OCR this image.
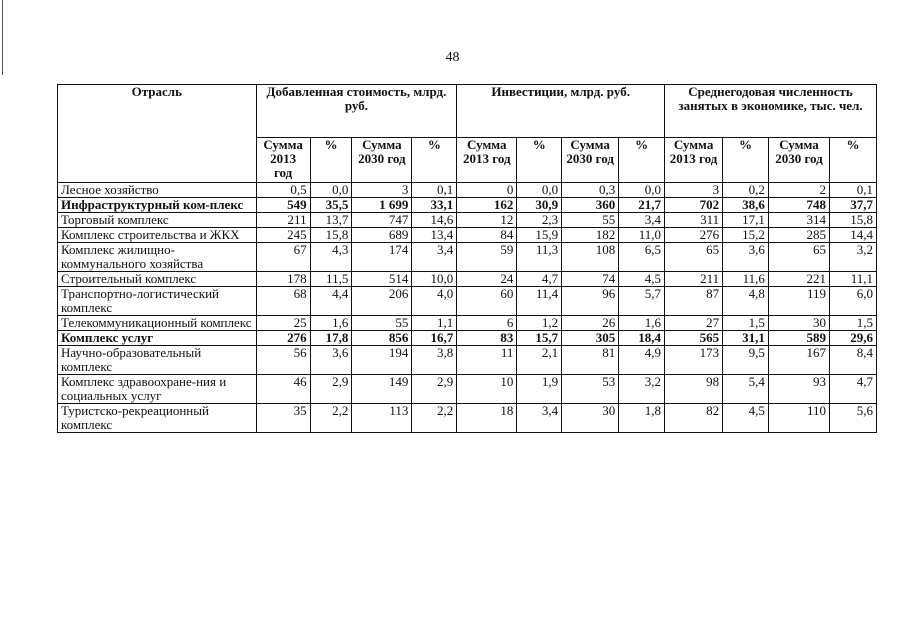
48
Отрасль	Добавленная стоимость, млрд. руб.				Инвестиции, млрд. руб.				Среднегодовая численность занятых в экономике, тыс. чел.			
	Сумма 2013 год	%	Сумма 2030 год	%	Сумма 2013 год	%	Сумма 2030 год	%	Сумма 2013 год	%	Сумма 2030 год	%
Лесное хозяйство	0,5	0,0	3	0,1	0	0,0	0,3	0,0	3	0,2	2	0,1
Инфраструктурный ком-плекс	549	35,5	1 699	33,1	162	30,9	360	21,7	702	38,6	748	37,7
Торговый комплекс	211	13,7	747	14,6	12	2,3	55	3,4	311	17,1	314	15,8
Комплекс строительства и ЖКХ	245	15,8	689	13,4	84	15,9	182	11,0	276	15,2	285	14,4
Комплекс жилищно-коммунального хозяйства	67	4,3	174	3,4	59	11,3	108	6,5	65	3,6	65	3,2
Строительный комплекс	178	11,5	514	10,0	24	4,7	74	4,5	211	11,6	221	11,1
Транспортно-логистический комплекс	68	4,4	206	4,0	60	11,4	96	5,7	87	4,8	119	6,0
Телекоммуникационный комплекс	25	1,6	55	1,1	6	1,2	26	1,6	27	1,5	30	1,5
Комплекс услуг	276	17,8	856	16,7	83	15,7	305	18,4	565	31,1	589	29,6
Научно-образовательный комплекс	56	3,6	194	3,8	11	2,1	81	4,9	173	9,5	167	8,4
Комплекс здравоохране-ния и социальных услуг	46	2,9	149	2,9	10	1,9	53	3,2	98	5,4	93	4,7
Туристско-рекреационный комплекс	35	2,2	113	2,2	18	3,4	30	1,8	82	4,5	110	5,6
